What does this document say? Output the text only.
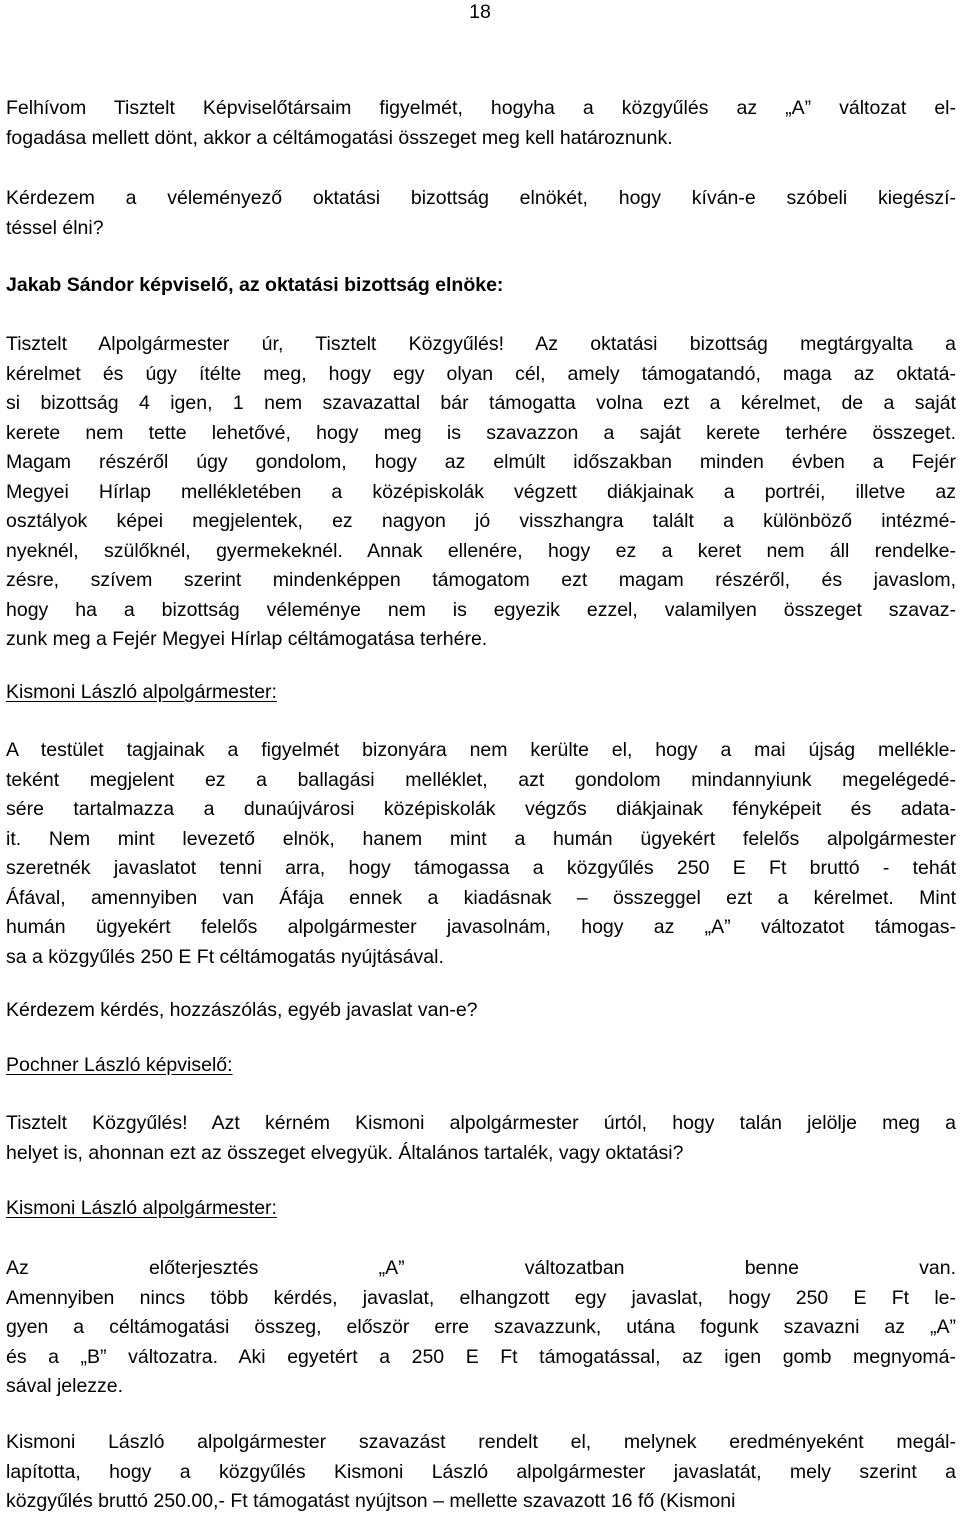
18
Felhívom Tisztelt Képviselőtársaim figyelmét, hogyha a közgyűlés az „A” változat el-
fogadása mellett dönt, akkor a céltámogatási összeget meg kell határoznunk.
Kérdezem a véleményező oktatási bizottság elnökét, hogy kíván-e szóbeli kiegészí-
téssel élni?
Jakab Sándor képviselő, az oktatási bizottság elnöke:
Tisztelt Alpolgármester úr, Tisztelt Közgyűlés! Az oktatási bizottság megtárgyalta a
kérelmet és úgy ítélte meg, hogy egy olyan cél, amely támogatandó, maga az oktatá-
si bizottság 4 igen, 1 nem szavazattal bár támogatta volna ezt a kérelmet, de a saját
kerete nem tette lehetővé, hogy meg is szavazzon a saját kerete terhére összeget.
Magam részéről úgy gondolom, hogy az elmúlt időszakban minden évben a Fejér
Megyei Hírlap mellékletében a középiskolák végzett diákjainak a portréi, illetve az
osztályok képei megjelentek, ez nagyon jó visszhangra talált a különböző intézmé-
nyeknél, szülőknél, gyermekeknél. Annak ellenére, hogy ez a keret nem áll rendelke-
zésre, szívem szerint mindenképpen támogatom ezt magam részéről, és javaslom,
hogy ha a bizottság véleménye nem is egyezik ezzel, valamilyen összeget szavaz-
zunk meg a Fejér Megyei Hírlap céltámogatása terhére.
Kismoni László alpolgármester:
A testület tagjainak a figyelmét bizonyára nem kerülte el, hogy a mai újság mellékle-
teként megjelent ez a ballagási melléklet, azt gondolom mindannyiunk megelégedé-
sére tartalmazza a dunaújvárosi középiskolák végzős diákjainak fényképeit és adata-
it. Nem mint levezető elnök, hanem mint a humán ügyekért felelős alpolgármester
szeretnék javaslatot tenni arra, hogy támogassa a közgyűlés 250 E Ft bruttó - tehát
Áfával, amennyiben van Áfája ennek a kiadásnak – összeggel ezt a kérelmet. Mint
humán ügyekért felelős alpolgármester javasolnám, hogy az „A” változatot támogas-
sa a közgyűlés 250 E Ft céltámogatás nyújtásával.
Kérdezem kérdés, hozzászólás, egyéb javaslat van-e?
Pochner László képviselő:
Tisztelt Közgyűlés! Azt kérném Kismoni alpolgármester úrtól, hogy talán jelölje meg a
helyet is, ahonnan ezt az összeget elvegyük. Általános tartalék, vagy oktatási?
Kismoni László alpolgármester:
Az előterjesztés „A” változatban benne van.
Amennyiben nincs több kérdés, javaslat, elhangzott egy javaslat, hogy 250 E Ft le-
gyen a céltámogatási összeg, először erre szavazzunk, utána fogunk szavazni az „A”
és a „B” változatra. Aki egyetért a 250 E Ft támogatással, az igen gomb megnyomá-
sával jelezze.
Kismoni László alpolgármester szavazást rendelt el, melynek eredményeként megál-
lapította, hogy a közgyűlés Kismoni László alpolgármester javaslatát, mely szerint a
közgyűlés bruttó 250.00,- Ft támogatást nyújtson – mellette szavazott 16 fő (Kismoni
